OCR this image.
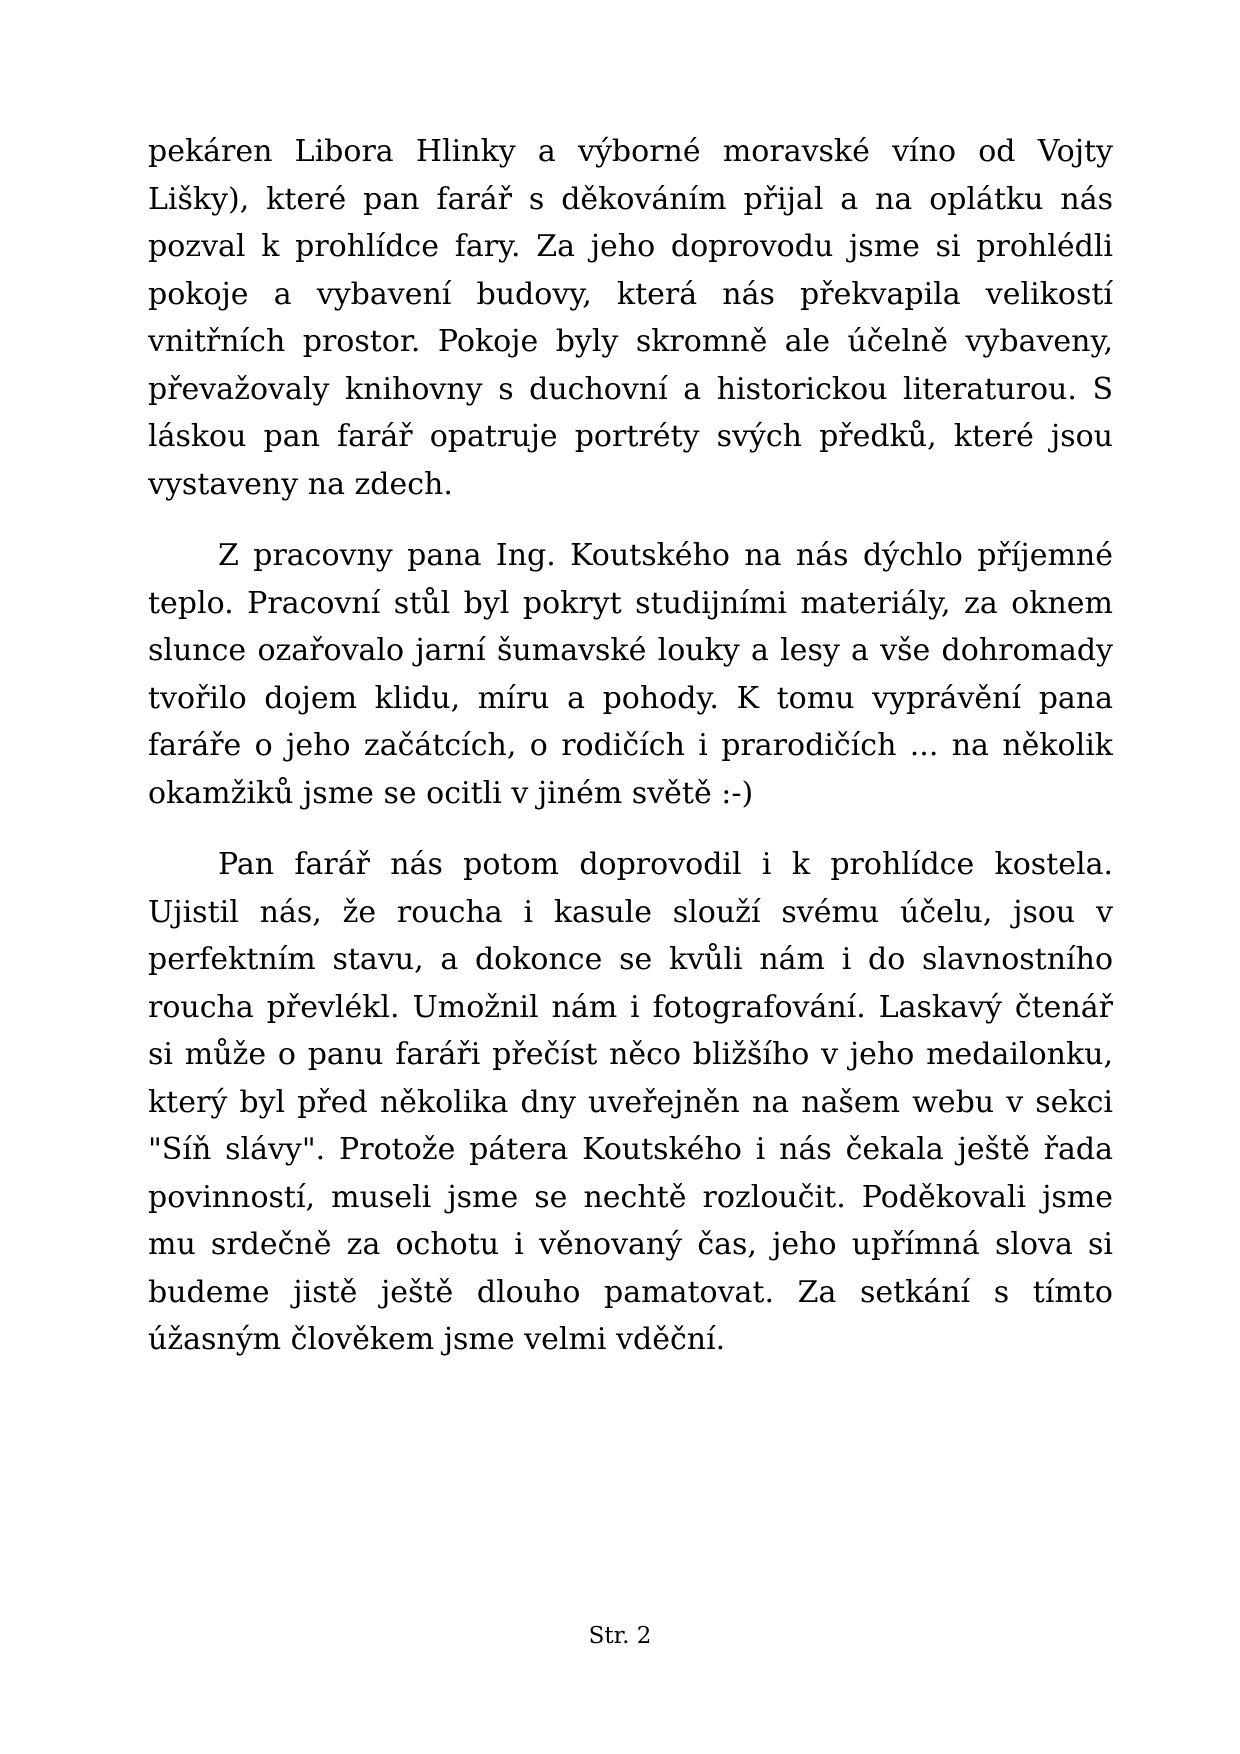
pekáren Libora Hlinky a výborné moravské víno od Vojty Lišky), které pan farář s děkováním přijal a na oplátku nás pozval k prohlídce fary. Za jeho doprovodu jsme si prohlédli pokoje a vybavení budovy, která nás překvapila velikostí vnitřních prostor. Pokoje byly skromně ale účelně vybaveny, převažovaly knihovny s duchovní a historickou literaturou. S láskou pan farář opatruje portréty svých předků, které jsou vystaveny na zdech.

Z pracovny pana Ing. Koutského na nás dýchlo příjemné teplo. Pracovní stůl byl pokryt studijními materiály, za oknem slunce ozařovalo jarní šumavské louky a lesy a vše dohromady tvořilo dojem klidu, míru a pohody. K tomu vyprávění pana faráře o jeho začátcích, o rodičích i prarodičích ... na několik okamžiků jsme se ocitli v jiném světě :-)

Pan farář nás potom doprovodil i k prohlídce kostela. Ujistil nás, že roucha i kasule slouží svému účelu, jsou v perfektním stavu, a dokonce se kvůli nám i do slavnostního roucha převlékl. Umožnil nám i fotografování. Laskavý čtenář si může o panu faráři přečíst něco bližšího v jeho medailonku, který byl před několika dny uveřejněn na našem webu v sekci "Síň slávy". Protože pátera Koutského i nás čekala ještě řada povinností, museli jsme se nechtě rozloučit. Poděkovali jsme mu srdečně za ochotu i věnovaný čas, jeho upřímná slova si budeme jistě ještě dlouho pamatovat. Za setkání s tímto úžasným člověkem jsme velmi vděční.

Str. 2
